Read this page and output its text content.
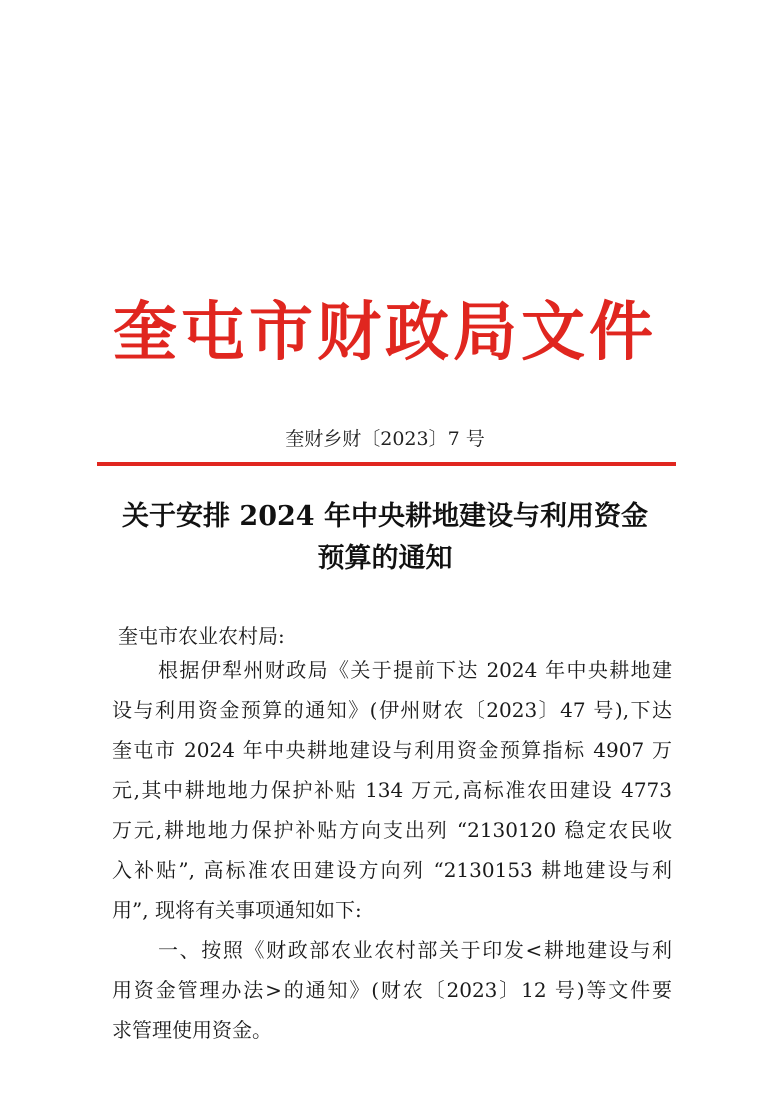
奎屯市财政局文件
奎财乡财〔2023〕7 号
关于安排 2024 年中央耕地建设与利用资金
预算的通知
奎屯市农业农村局:
根据伊犁州财政局《关于提前下达 2024 年中央耕地建
设与利用资金预算的通知》(伊州财农〔2023〕47 号),下达
奎屯市 2024 年中央耕地建设与利用资金预算指标 4907 万
元,其中耕地地力保护补贴 134 万元,高标准农田建设 4773
万元,耕地地力保护补贴方向支出列 “2130120 稳定农民收
入补贴”, 高标准农田建设方向列 “2130153 耕地建设与利
用”, 现将有关事项通知如下:
一、按照《财政部农业农村部关于印发<耕地建设与利
用资金管理办法>的通知》(财农〔2023〕12 号)等文件要
求管理使用资金。
